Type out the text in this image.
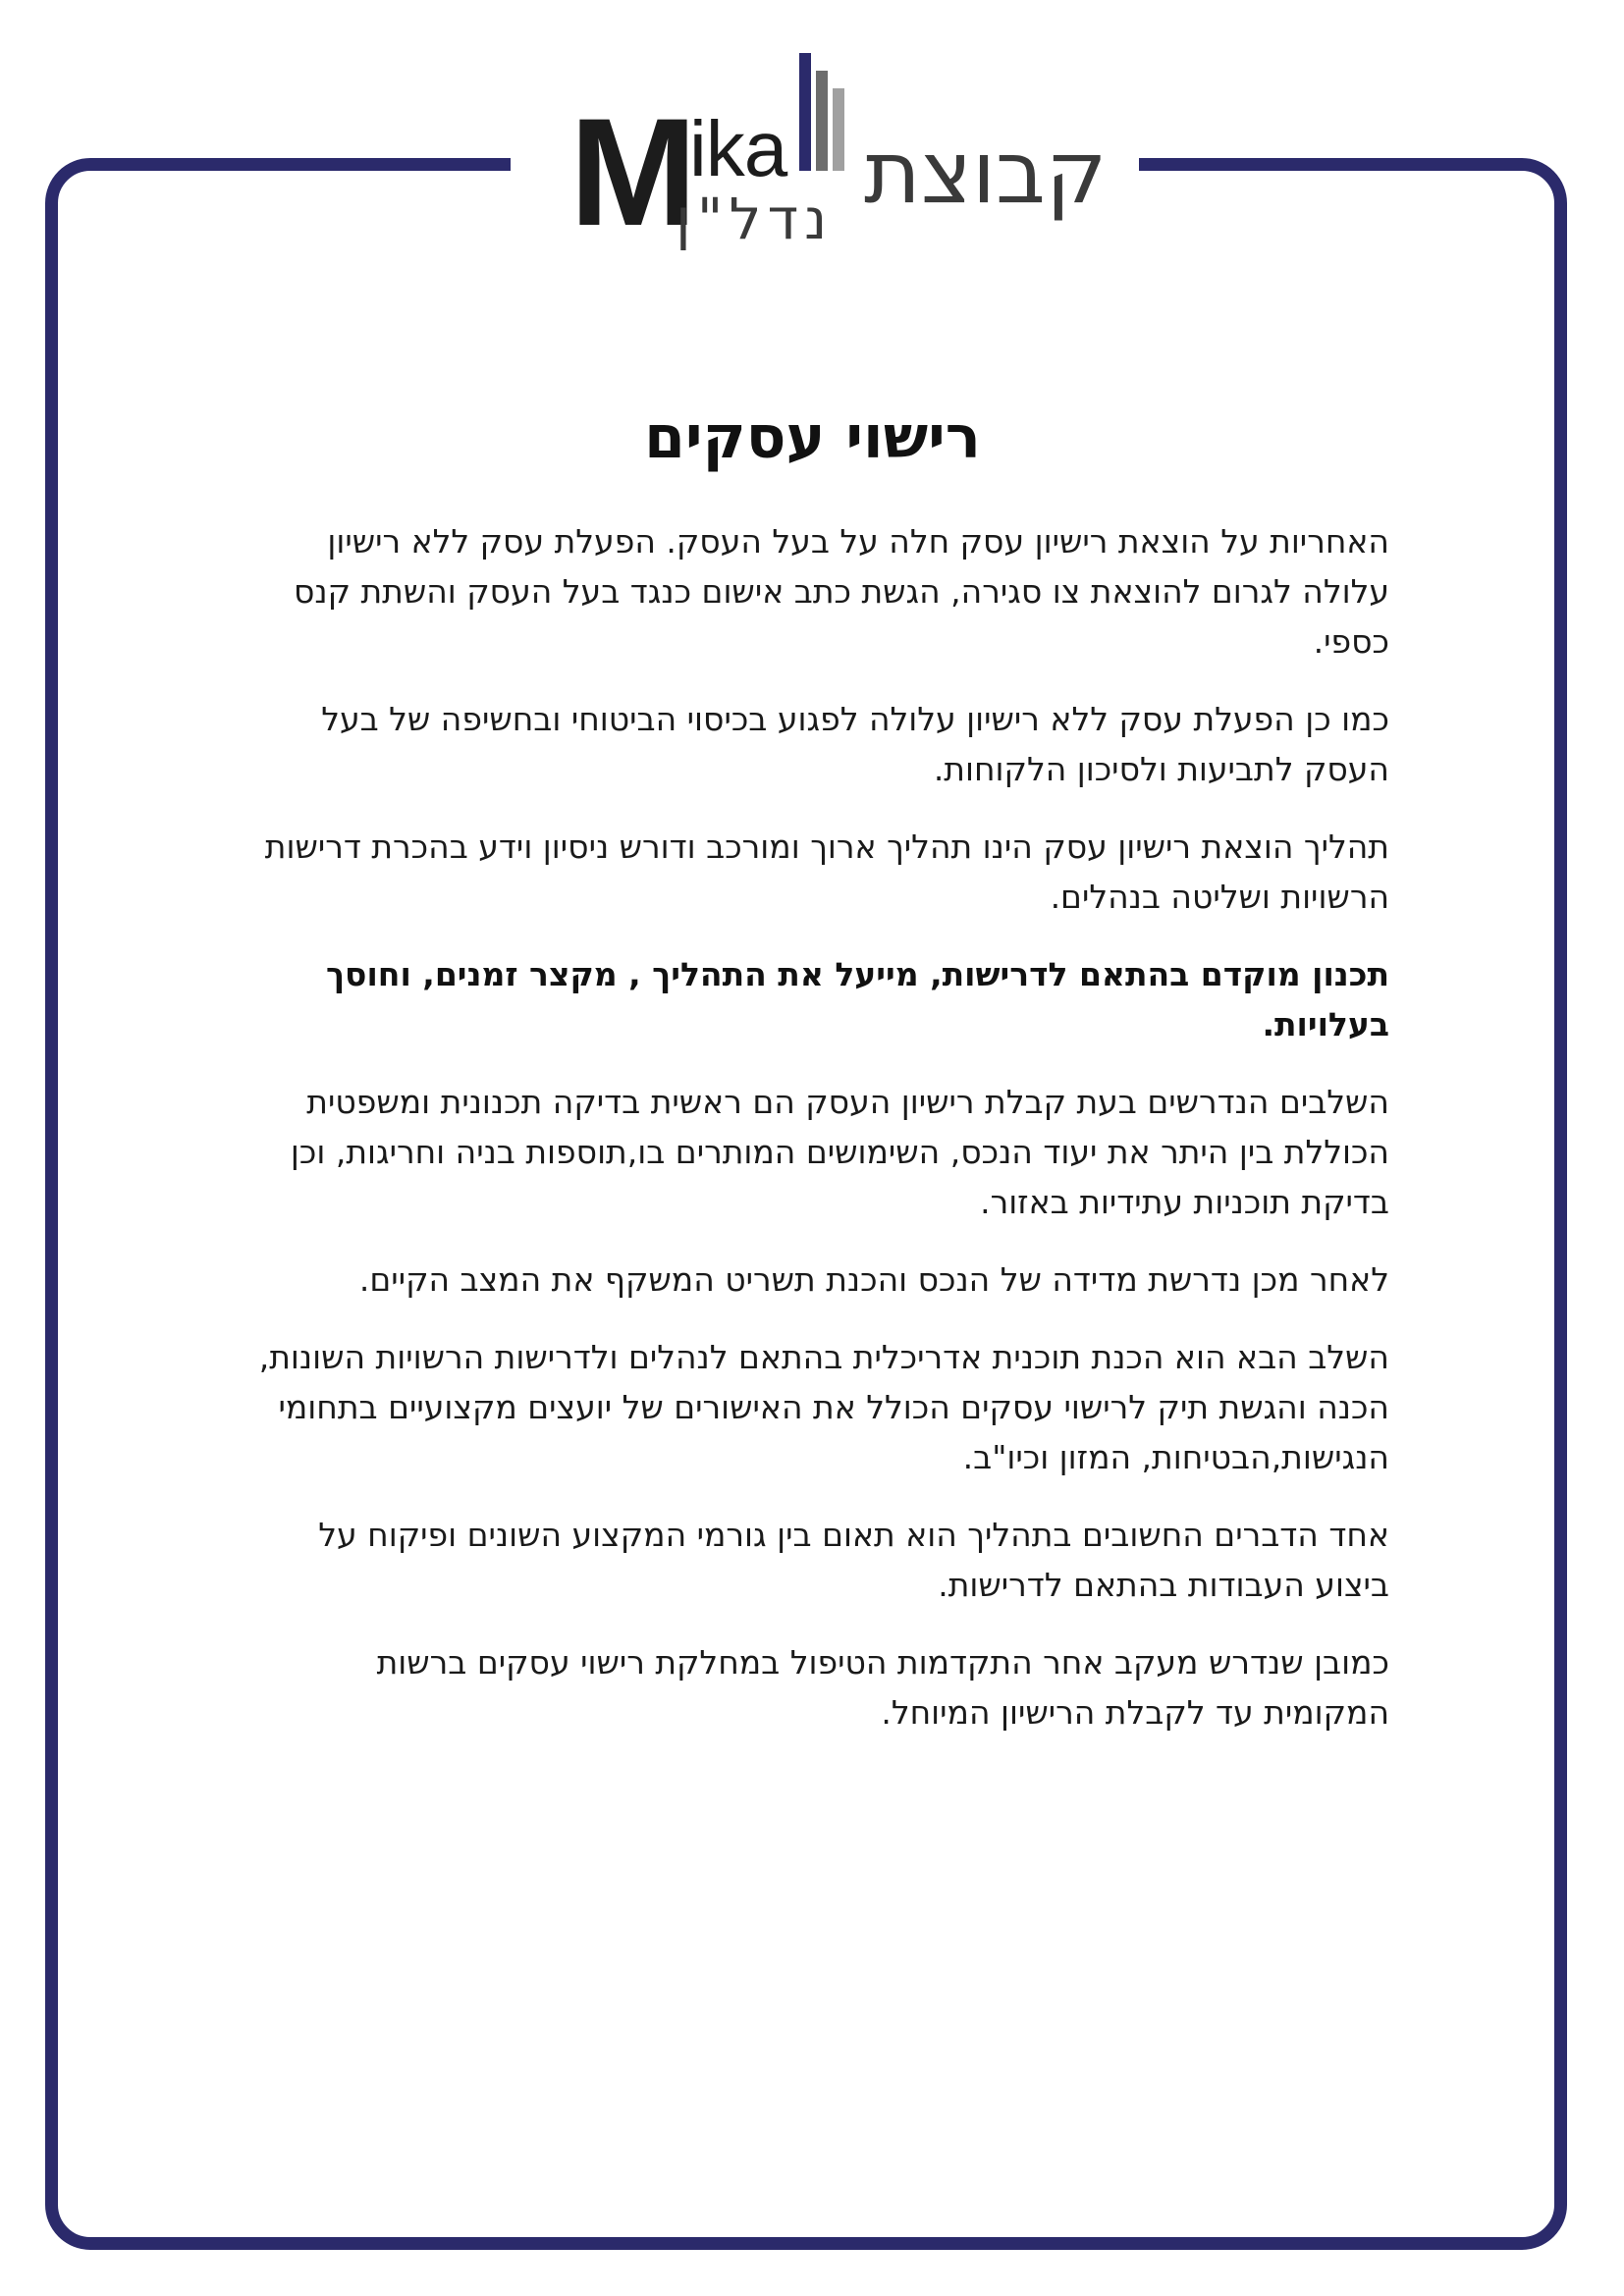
M
ika
נדל"ן קבוצת
רישוי עסקים

האחריות על הוצאת רישיון עסק חלה על בעל העסק. הפעלת עסק ללא רישיון עלולה לגרום להוצאת צו סגירה, הגשת כתב אישום כנגד בעל העסק והשתת קנס כספי.

כמו כן הפעלת עסק ללא רישיון עלולה לפגוע בכיסוי הביטוחי ובחשיפה של בעל העסק לתביעות ולסיכון הלקוחות.

תהליך הוצאת רישיון עסק הינו תהליך ארוך ומורכב ודורש ניסיון וידע בהכרת דרישות הרשויות ושליטה בנהלים.

תכנון מוקדם בהתאם לדרישות, מייעל את התהליך , מקצר זמנים, וחוסך בעלויות.

השלבים הנדרשים בעת קבלת רישיון העסק הם ראשית בדיקה תכנונית ומשפטית הכוללת בין היתר את יעוד הנכס, השימושים המותרים בו,תוספות בניה וחריגות, וכן בדיקת תוכניות עתידיות באזור.

לאחר מכן נדרשת מדידה של הנכס והכנת תשריט המשקף את המצב הקיים.

השלב הבא הוא הכנת תוכנית אדריכלית בהתאם לנהלים ולדרישות הרשויות השונות, הכנה והגשת תיק לרישוי עסקים הכולל את האישורים של יועצים מקצועיים בתחומי הנגישות,הבטיחות, המזון וכיו"ב.

אחד הדברים החשובים בתהליך הוא תאום בין גורמי המקצוע השונים ופיקוח על ביצוע העבודות בהתאם לדרישות.

כמובן שנדרש מעקב אחר התקדמות הטיפול במחלקת רישוי עסקים ברשות המקומית עד לקבלת הרישיון המיוחל.
